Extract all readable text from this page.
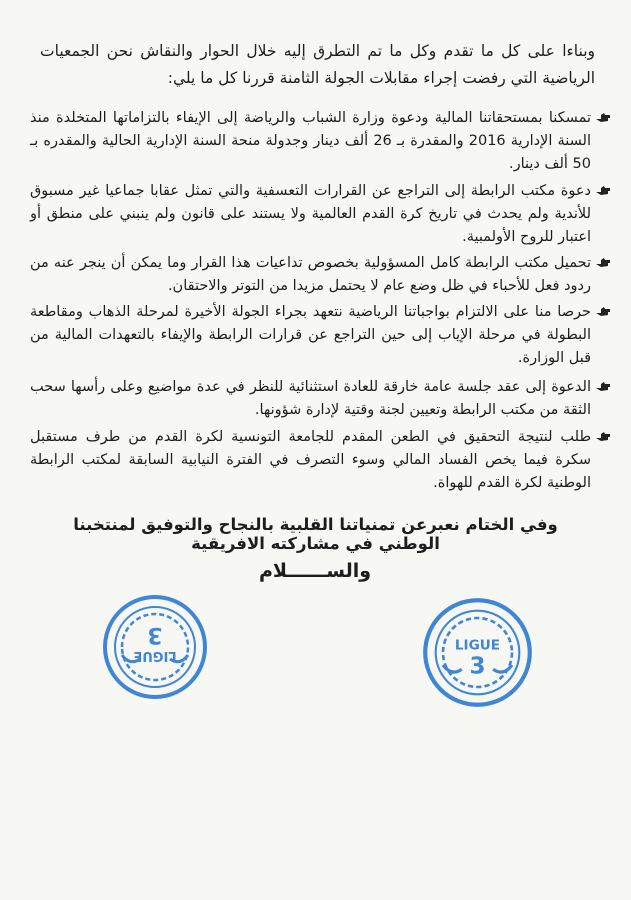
وبناءا على كل ما تقدم وكل ما تم التطرق إليه خلال الحوار والنقاش نحن الجمعيات الرياضية التي رفضت إجراء مقابلات الجولة الثامنة قررنا كل ما يلي:

تمسكنا بمستحقاتنا المالية ودعوة وزارة الشباب والرياضة إلى الإيفاء بالتزاماتها المتخلدة منذ السنة الإدارية 2016 والمقدرة بـ 26 ألف دينار وجدولة منحة السنة الإدارية الحالية والمقدره بـ 50 ألف دينار.
دعوة مكتب الرابطة إلى التراجع عن القرارات التعسفية والتي تمثل عقابا جماعيا غير مسبوق للأندية ولم يحدث في تاريخ كرة القدم العالمية ولا يستند على قانون ولم ينبني على منطق أو اعتبار للروح الأولمبية.
تحميل مكتب الرابطة كامل المسؤولية بخصوص تداعيات هذا القرار وما يمكن أن ينجر عنه من ردود فعل للأحباء في ظل وضع عام لا يحتمل مزيدا من التوتر والاحتقان.
حرصا منا على الالتزام بواجباتنا الرياضية نتعهد بجراء الجولة الأخيرة لمرحلة الذهاب ومقاطعة البطولة في مرحلة الإياب إلى حين التراجع عن قرارات الرابطة والإيفاء بالتعهدات المالية من قبل الوزارة.
الدعوة إلى عقد جلسة عامة خارقة للعادة استثنائية للنظر في عدة مواضيع وعلى رأسها سحب الثقة من مكتب الرابطة وتعيين لجنة وقتية لإدارة شؤونها.
طلب لنتيجة التحقيق في الطعن المقدم للجامعة التونسية لكرة القدم من طرف مستقبل سكرة فيما يخص الفساد المالي وسوء التصرف في الفترة النيابية السابقة لمكتب الرابطة الوطنية لكرة القدم للهواة.
وفي الختام نعبرعن تمنياتنا القلبية بالنجاح والتوفيق لمنتخبنا الوطني في مشاركته الافريقية
والســــــلام
LIGUE
3	LIGUE
3
